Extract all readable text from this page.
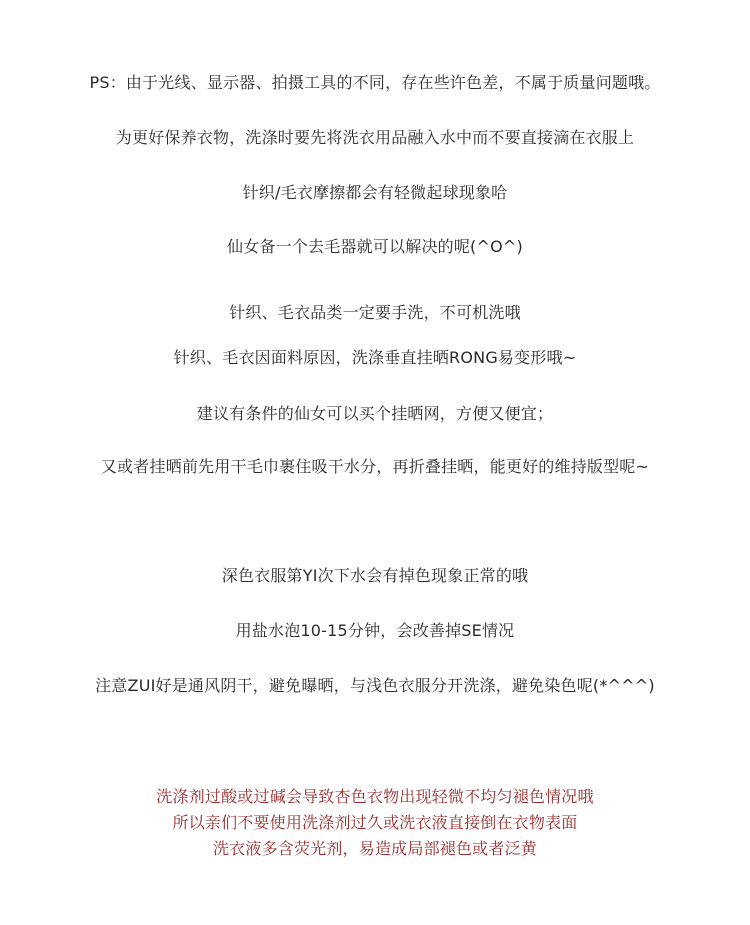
PS：由于光线、显示器、拍摄工具的不同，存在些许色差，不属于质量问题哦。
为更好保养衣物，洗涤时要先将洗衣用品融入水中而不要直接滴在衣服上
针织/毛衣摩擦都会有轻微起球现象哈
仙女备一个去毛器就可以解决的呢(^O^)
针织、毛衣品类一定要手洗，不可机洗哦
针织、毛衣因面料原因，洗涤垂直挂晒RONG易变形哦~
建议有条件的仙女可以买个挂晒网，方便又便宜；
又或者挂晒前先用干毛巾裹住吸干水分，再折叠挂晒，能更好的维持版型呢~
深色衣服第YI次下水会有掉色现象正常的哦
用盐水泡10-15分钟，会改善掉SE情况
注意ZUI好是通风阴干，避免曝晒，与浅色衣服分开洗涤，避免染色呢(*^^^)
洗涤剂过酸或过碱会导致杏色衣物出现轻微不均匀褪色情况哦
所以亲们不要使用洗涤剂过久或洗衣液直接倒在衣物表面
洗衣液多含荧光剂，易造成局部褪色或者泛黄
